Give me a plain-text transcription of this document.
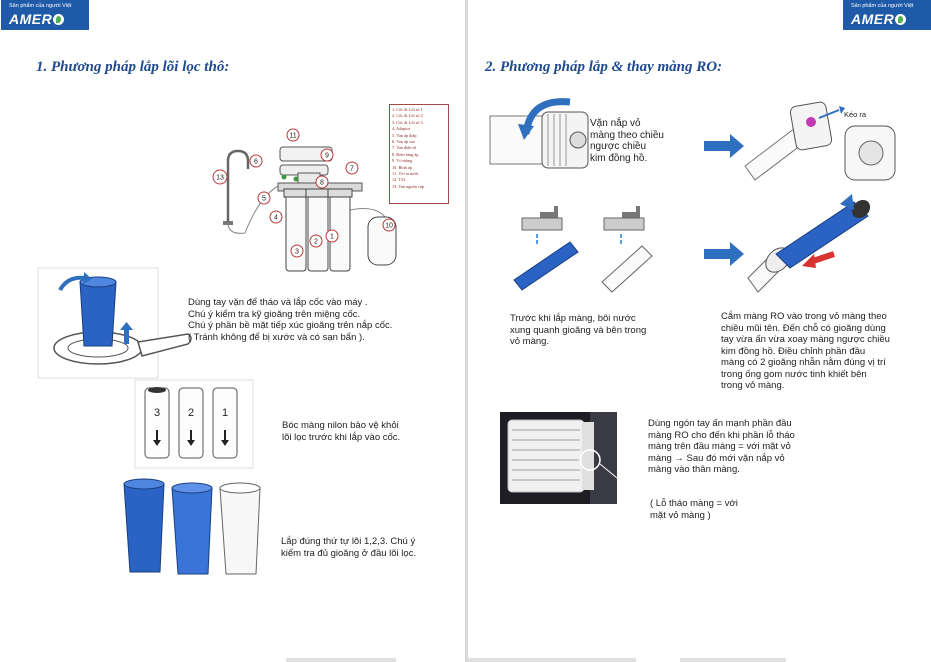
Sản phẩm của người Việt
AMER
1. Phương pháp lắp lõi lọc thô:
11
6
9
7
8
5
4
3
2
1
13
10
1. Cốc & Lõi số 1
2. Cốc & Lõi số 2
3. Cốc & Lõi số 3
4. Adaptor
5. Van áp thấp
6. Van áp cao
7. Van điện từ
8. Bơm tăng áp
9. Vỏ màng
10. Bình áp
11. Vòi ra nước
12. T33
13. Van nguồn cấp
Dùng tay vặn để tháo và lắp cốc vào máy .
Chú ý kiểm tra kỹ gioăng trên miệng cốc.
Chú ý phần bề mặt tiếp xúc gioăng trên nắp cốc.
( Tránh không để bị xước và có sạn bẩn ).
3	2	1
Bóc màng nilon bảo vệ khỏi
lõi lọc trước khi lắp vào cốc.
Lắp đúng thứ tự lõi 1,2,3. Chú ý
kiểm tra đủ gioăng ở đầu lõi lọc.
Sản phẩm của người Việt
AMER
2. Phương pháp lắp & thay màng RO:
Vặn nắp vỏ
màng theo chiều
ngược chiều
kim đồng hồ.
Kéo ra
Trước khi lắp màng, bôi nước
xung quanh gioăng và bên trong
vỏ màng.
Cắm màng RO vào trong vỏ màng theo
chiều mũi tên. Đến chỗ có gioăng dùng
tay vừa ấn vừa xoay màng ngược chiều
kim đồng hồ. Điều chỉnh phần đầu
màng có 2 gioăng nhẫn nằm đúng vị trí
trong ống gom nước tinh khiết bên
trong vỏ màng.
Dùng ngón tay ấn mạnh phần đầu
màng RO cho đến khi phần lỗ tháo
màng trên đầu màng = với mặt vỏ
màng → Sau đó mới vặn nắp vỏ
màng vào thân màng.
( Lỗ tháo màng = với
mặt vỏ màng )
